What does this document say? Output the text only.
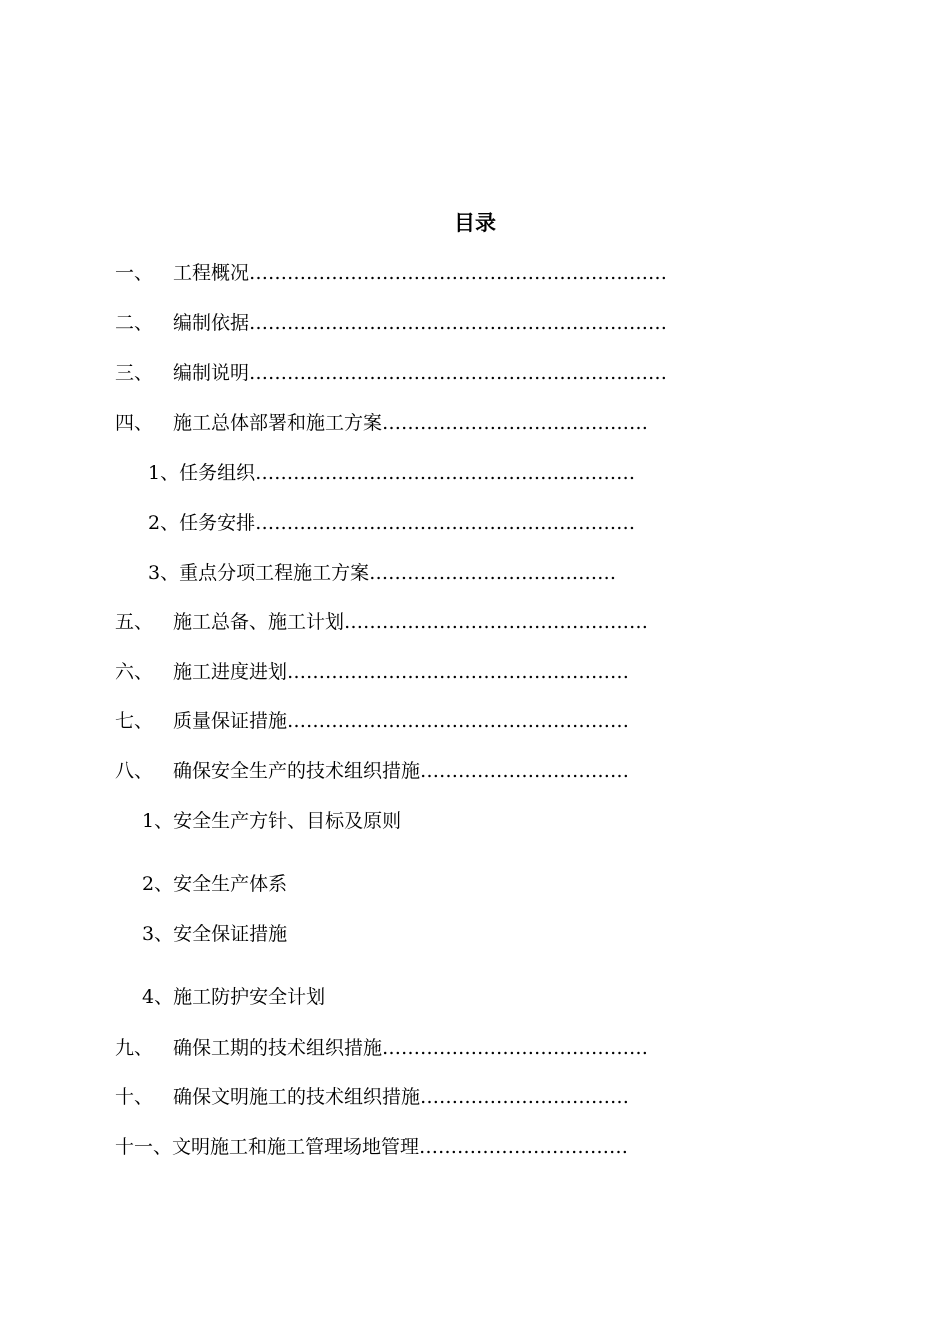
目录
一、 工程概况…………………………………………………………
二、 编制依据…………………………………………………………
三、 编制说明…………………………………………………………
四、 施工总体部署和施工方案……………………………………
1、任务组织……………………………………………………
2、任务安排……………………………………………………
3、重点分项工程施工方案…………………………………
五、 施工总备、施工计划…………………………………………
六、 施工进度进划………………………………………………
七、 质量保证措施………………………………………………
八、 确保安全生产的技术组织措施……………………………
1、安全生产方针、目标及原则
2、安全生产体系
3、安全保证措施
4、施工防护安全计划
九、 确保工期的技术组织措施……………………………………
十、 确保文明施工的技术组织措施……………………………
十一、文明施工和施工管理场地管理……………………………
